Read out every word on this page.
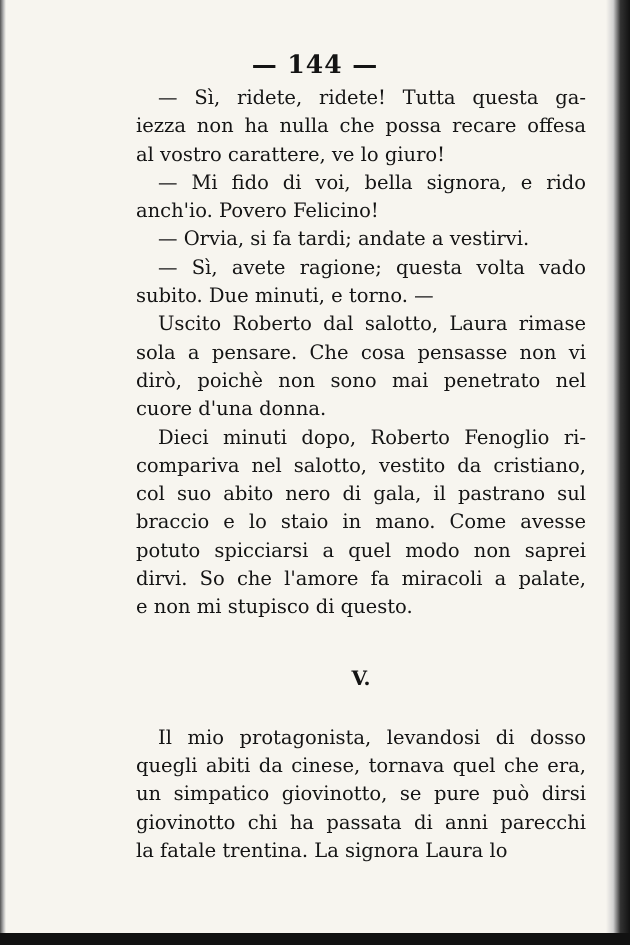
— 144 —
— Sì, ridete, ridete! Tutta questa ga-
iezza non ha nulla che possa recare offesa
al vostro carattere, ve lo giuro!
— Mi fido di voi, bella signora, e rido
anch'io. Povero Felicino!
— Orvia, si fa tardi; andate a vestirvi.
— Sì, avete ragione; questa volta vado
subito. Due minuti, e torno. —
Uscito Roberto dal salotto, Laura rimase
sola a pensare. Che cosa pensasse non vi
dirò, poichè non sono mai penetrato nel
cuore d'una donna.
Dieci minuti dopo, Roberto Fenoglio ri-
compariva nel salotto, vestito da cristiano,
col suo abito nero di gala, il pastrano sul
braccio e lo staio in mano. Come avesse
potuto spicciarsi a quel modo non saprei
dirvi. So che l'amore fa miracoli a palate,
e non mi stupisco di questo.
V.
Il mio protagonista, levandosi di dosso
quegli abiti da cinese, tornava quel che era,
un simpatico giovinotto, se pure può dirsi
giovinotto chi ha passata di anni parecchi
la fatale trentina. La signora Laura lo
